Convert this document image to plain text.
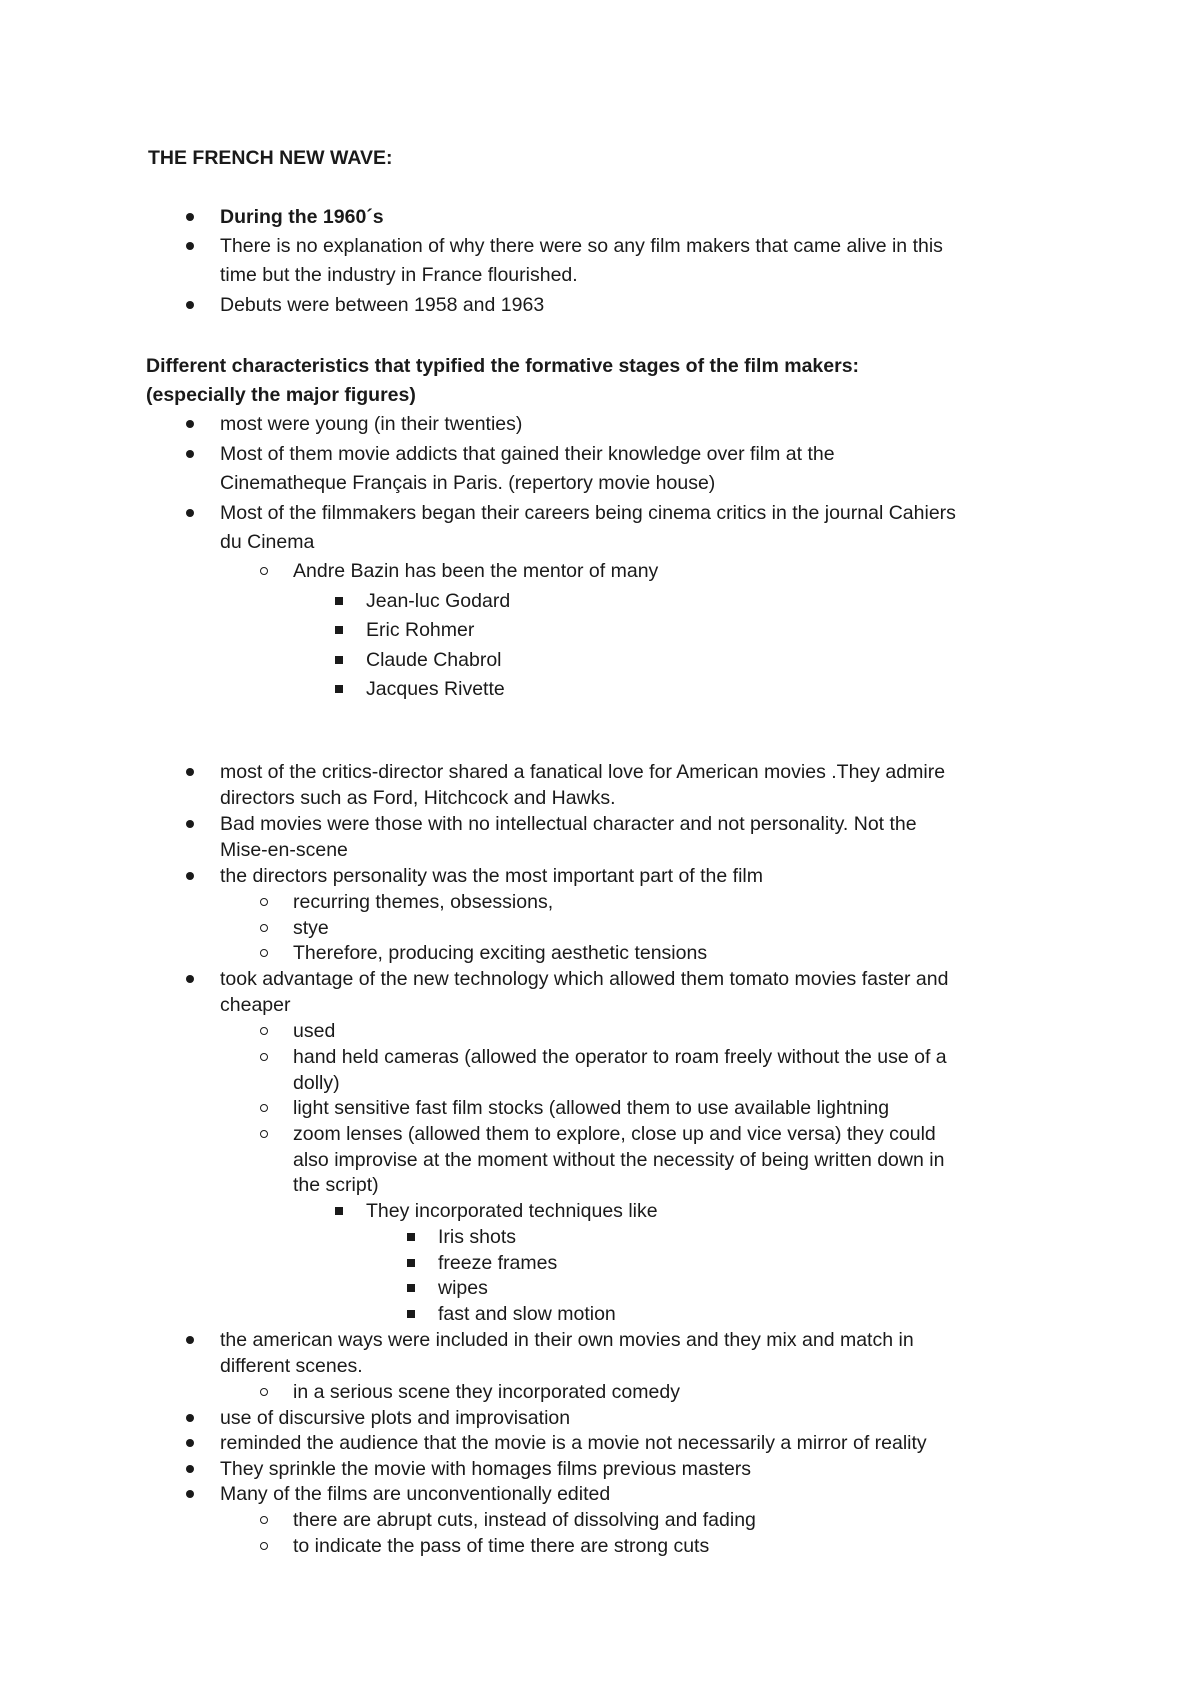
THE FRENCH NEW WAVE:
During the 1960´s
There is no explanation of why there were so any film makers that came alive in this
time but the industry in France flourished.
Debuts were between 1958 and 1963
Different characteristics that typified the formative stages of the film makers:
(especially the major figures)
most were young (in their twenties)
Most of them movie addicts that gained their knowledge over film at the
Cinematheque Français in Paris. (repertory movie house)
Most of the filmmakers began their careers being cinema critics in the journal Cahiers
du Cinema
Andre Bazin has been the mentor of many
Jean-luc Godard
Eric Rohmer
Claude Chabrol
Jacques Rivette
most of the critics-director shared a fanatical love for American movies .They admire
directors such as Ford, Hitchcock and Hawks.
Bad movies were those with no intellectual character and not personality. Not the
Mise-en-scene
the directors personality was the most important part of the film
recurring themes, obsessions,
stye
Therefore, producing exciting aesthetic tensions
took advantage of the new technology which allowed them tomato movies faster and
cheaper
used
hand held cameras (allowed the operator to roam freely without the use of a
dolly)
light sensitive fast film stocks (allowed them to use available lightning
zoom lenses (allowed them to explore, close up and vice versa) they could
also improvise at the moment without the necessity of being written down in
the script)
They incorporated techniques like
Iris shots
freeze frames
wipes
fast and slow motion
the american ways were included in their own movies and they mix and match in
different scenes.
in a serious scene they incorporated comedy
use of discursive plots and improvisation
reminded the audience that the movie is a movie not necessarily a mirror of reality
They sprinkle the movie with homages films previous masters
Many of the films are unconventionally edited
there are abrupt cuts, instead of dissolving and fading
to indicate the pass of time there are strong cuts
